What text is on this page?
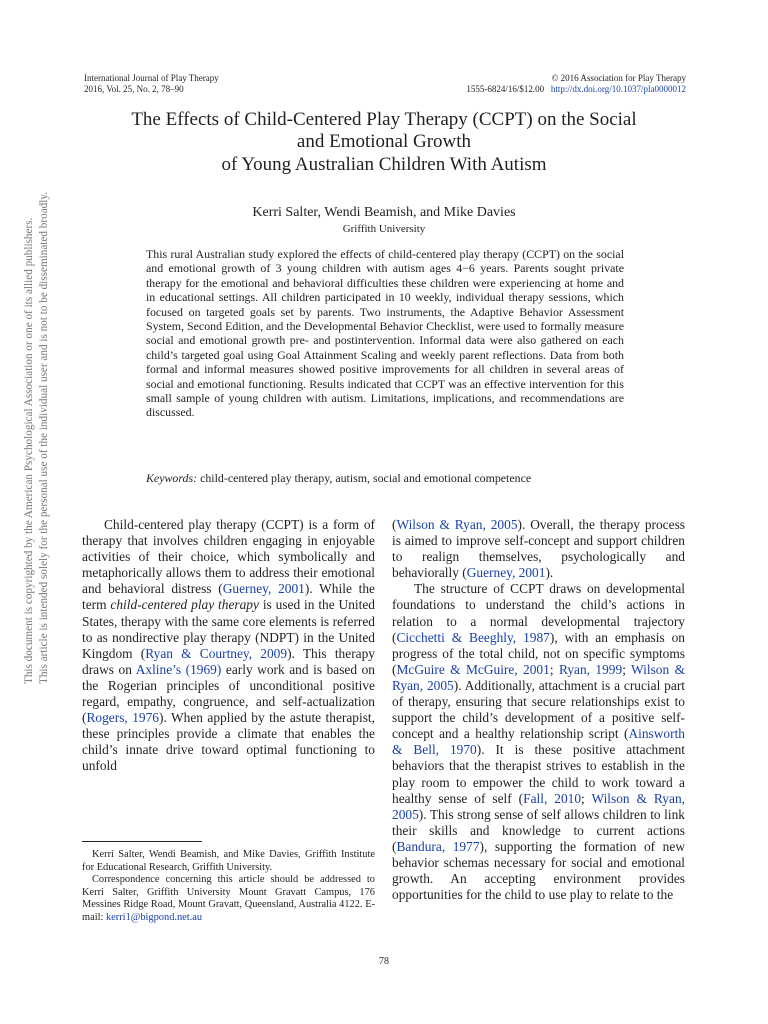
International Journal of Play Therapy
2016, Vol. 25, No. 2, 78–90
© 2016 Association for Play Therapy
1555-6824/16/$12.00 http://dx.doi.org/10.1037/pla0000012
The Effects of Child-Centered Play Therapy (CCPT) on the Social
and Emotional Growth
of Young Australian Children With Autism
Kerri Salter, Wendi Beamish, and Mike Davies
Griffith University
This rural Australian study explored the effects of child-centered play therapy (CCPT) on the social and emotional growth of 3 young children with autism ages 4−6 years. Parents sought private therapy for the emotional and behavioral difficulties these children were experiencing at home and in educational settings. All children participated in 10 weekly, individual therapy sessions, which focused on targeted goals set by parents. Two instruments, the Adaptive Behavior Assessment System, Second Edition, and the Developmental Behavior Checklist, were used to formally measure social and emotional growth pre- and postintervention. Informal data were also gathered on each child’s targeted goal using Goal Attainment Scaling and weekly parent reflections. Data from both formal and informal measures showed positive improvements for all children in several areas of social and emotional functioning. Results indicated that CCPT was an effective intervention for this small sample of young children with autism. Limitations, implications, and recommendations are discussed.
Keywords: child-centered play therapy, autism, social and emotional competence

Child-centered play therapy (CCPT) is a form of therapy that involves children engaging in enjoyable activities of their choice, which symbolically and metaphorically allows them to address their emotional and behavioral distress (Guerney, 2001). While the term child-centered play therapy is used in the United States, therapy with the same core elements is referred to as nondirective play therapy (NDPT) in the United Kingdom (Ryan & Courtney, 2009). This therapy draws on Axline’s (1969) early work and is based on the Rogerian principles of unconditional positive regard, empathy, congruence, and self-actualization (Rogers, 1976). When applied by the astute therapist, these principles provide a climate that enables the child’s innate drive toward optimal functioning to unfold

(Wilson & Ryan, 2005). Overall, the therapy process is aimed to improve self-concept and support children to realign themselves, psychologically and behaviorally (Guerney, 2001).

The structure of CCPT draws on developmental foundations to understand the child’s actions in relation to a normal developmental trajectory (Cicchetti & Beeghly, 1987), with an emphasis on progress of the total child, not on specific symptoms (McGuire & McGuire, 2001; Ryan, 1999; Wilson & Ryan, 2005). Additionally, attachment is a crucial part of therapy, ensuring that secure relationships exist to support the child’s development of a positive self-concept and a healthy relationship script (Ainsworth & Bell, 1970). It is these positive attachment behaviors that the therapist strives to establish in the play room to empower the child to work toward a healthy sense of self (Fall, 2010; Wilson & Ryan, 2005). This strong sense of self allows children to link their skills and knowledge to current actions (Bandura, 1977), supporting the formation of new behavior schemas necessary for social and emotional growth. An accepting environment provides opportunities for the child to use play to relate to the

Kerri Salter, Wendi Beamish, and Mike Davies, Griffith Institute for Educational Research, Griffith University.

Correspondence concerning this article should be addressed to Kerri Salter, Griffith University Mount Gravatt Campus, 176 Messines Ridge Road, Mount Gravatt, Queensland, Australia 4122. E-mail: kerri1@bigpond.net.au

78
This document is copyrighted by the American Psychological Association or one of its allied publishers. This article is intended solely for the personal use of the individual user and is not to be disseminated broadly.
